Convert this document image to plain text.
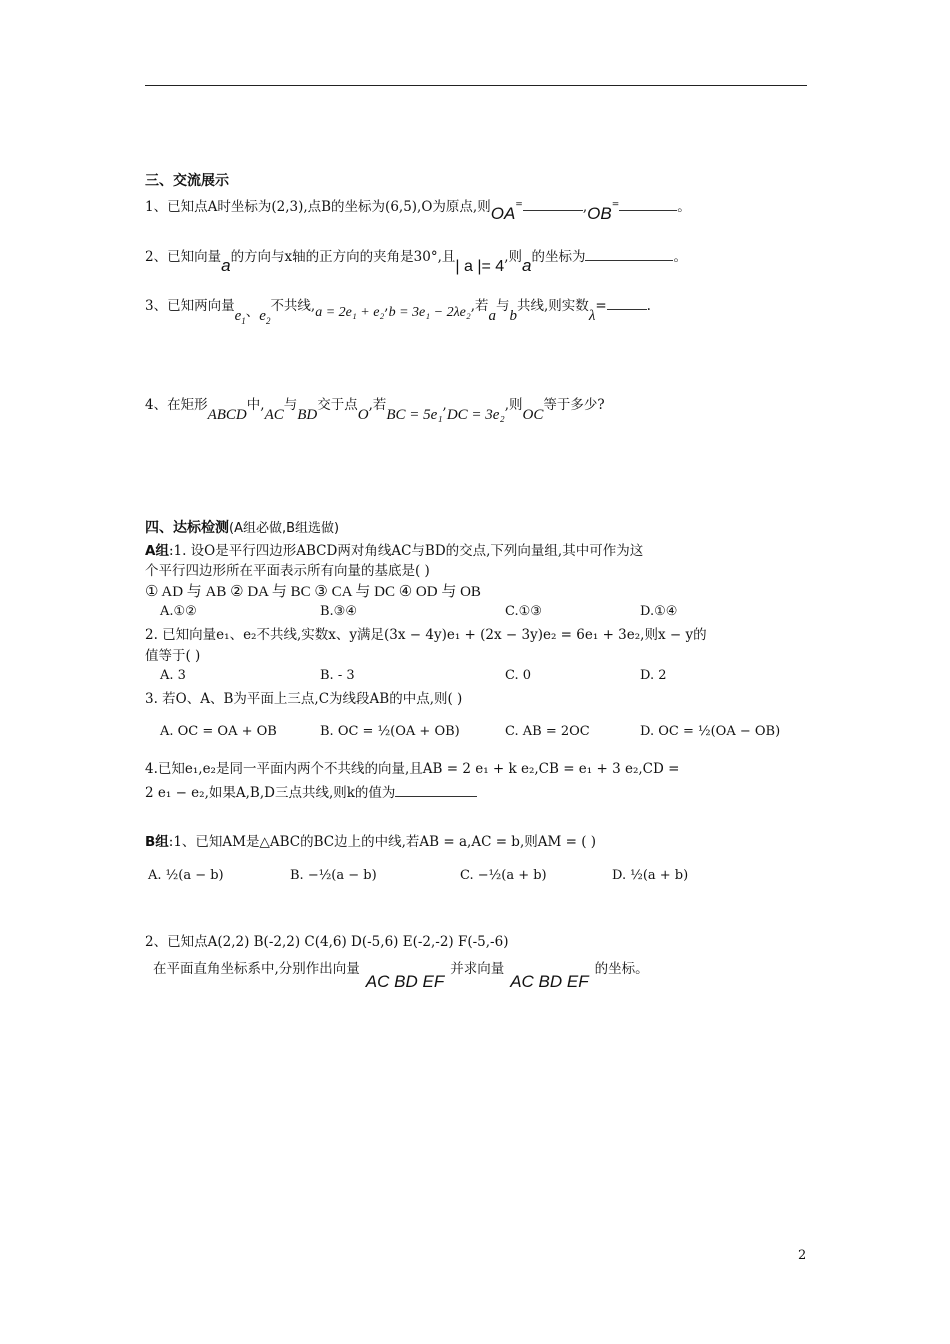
三、交流展示
1、已知点A时坐标为(2,3),点B的坐标为(6,5),O为原点,则OA=	,OB=	。
2、已知向量a的方向与x轴的正方向的夹角是30°,且| a |= 4,则a的坐标为	。
3、已知两向量$e_1$、$e_2$不共线,a = 2e₁ + e₂,b = 3e₁ − 2λe₂,若a与b共线,则实数λ=	.
4、在矩形ABCD中,AC与BD交于点O,若BC = 5e₁,DC = 3e₂,则OC等于多少?
四、达标检测(A组必做,B组选做)
A组:1. 设O是平行四边形ABCD两对角线AC与BD的交点,下列向量组,其中可作为这
个平行四边形所在平面表示所有向量的基底是( )
① AD 与 AB ② DA 与 BC ③ CA 与 DC ④ OD 与 OB
A.①②	B.③④	C.①③	D.①④
2. 已知向量e₁、e₂不共线,实数x、y满足(3x − 4y)e₁ + (2x − 3y)e₂ = 6e₁ + 3e₂,则x − y的
值等于( )
A. 3	B. - 3	C. 0	D. 2
3. 若O、A、B为平面上三点,C为线段AB的中点,则( )
A. OC = OA + OB	B. OC = ½(OA + OB)	C. AB = 2OC	D. OC = ½(OA − OB)
4.已知e₁,e₂是同一平面内两个不共线的向量,且AB = 2 e₁ + k e₂,CB = e₁ + 3 e₂,CD =
2 e₁ − e₂,如果A,B,D三点共线,则k的值为
B组:1、已知AM是△ABC的BC边上的中线,若AB = a,AC = b,则AM = ( )
A. ½(a − b)	B. −½(a − b)	C. −½(a + b)	D. ½(a + b)
2、已知点A(2,2) B(-2,2) C(4,6) D(-5,6) E(-2,-2) F(-5,-6)
在平面直角坐标系中,分别作出向量AC BD EF并求向量AC BD EF的坐标。
2
